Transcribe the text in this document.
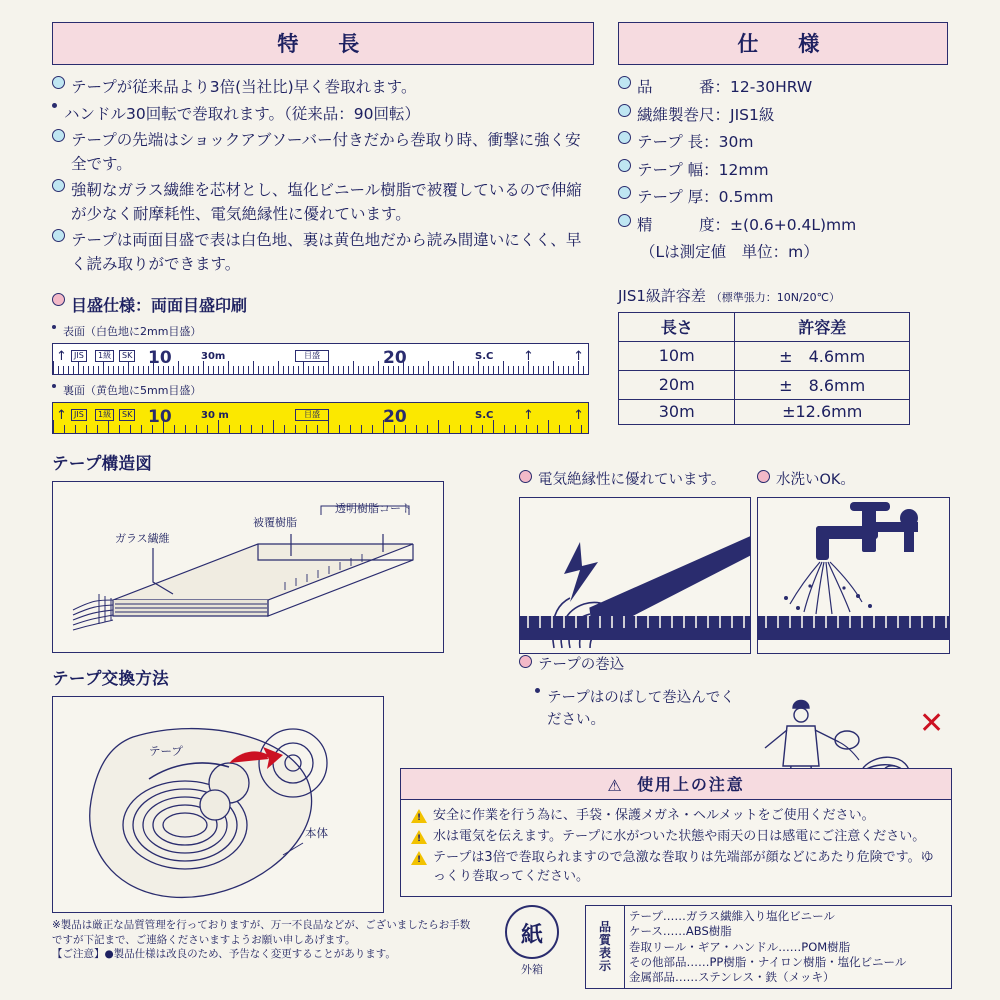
特　長
テープが従来品より3倍(当社比)早く巻取れます。
ハンドル30回転で巻取れます。（従来品：90回転）
テープの先端はショックアブソーバー付きだから巻取り時、衝撃に強く安全です。
強靭なガラス繊維を芯材とし、塩化ビニール樹脂で被覆しているので伸縮が少なく耐摩耗性、電気絶縁性に優れています。
テープは両面目盛で表は白色地、裏は黄色地だから読み間違いにくく、早く読み取りができます。
目盛仕様：両面目盛印刷
表面（白色地に2mm目盛）
↑ JIS	1級	SK 10	30m	目盛	20	S.C ↑	↑
裏面（黄色地に5mm目盛）
↑ JIS	1級	SK 10	30 m	目盛	20	S.C ↑	↑
テープ構造図
ガラス繊維
被覆樹脂
透明樹脂コート
テープ交換方法
テープ
本体
仕　様
品　　　番 ： 12-30HRW
繊維製巻尺 ： JIS1級
テープ 長 ： 30m
テープ 幅 ： 12mm
テープ 厚 ： 0.5mm
精　　　度 ： ±(0.6+0.4L)mm
（Lは測定値　単位：m）
JIS1級許容差 （標準張力：10N/20℃）
長さ	許容差
10m	±　4.6mm
20m	±　8.6mm
30m	±12.6mm
電気絶縁性に優れています。	水洗いOK。
テープの巻込
テープはのばして巻込んでください。	✕
⚠ 使用上の注意
!
安全に作業を行う為に、手袋・保護メガネ・ヘルメットをご使用ください。
!
水は電気を伝えます。テープに水がついた状態や雨天の日は感電にご注意ください。
!
テープは3倍で巻取られますので急激な巻取りは先端部が顔などにあたり危険です。ゆっくり巻取ってください。
紙
外箱
品
質
表
示
テープ……ガラス繊維入り塩化ビニール
ケース……ABS樹脂
巻取リール・ギア・ハンドル……POM樹脂
その他部品……PP樹脂・ナイロン樹脂・塩化ビニール
金属部品……ステンレス・鉄（メッキ）
※製品は厳正な品質管理を行っておりますが、万一不良品などが、ございましたらお手数
ですが下記まで、ご連絡くださいますようお願い申しあげます。
【ご注意】●製品仕様は改良のため、予告なく変更することがあります。
